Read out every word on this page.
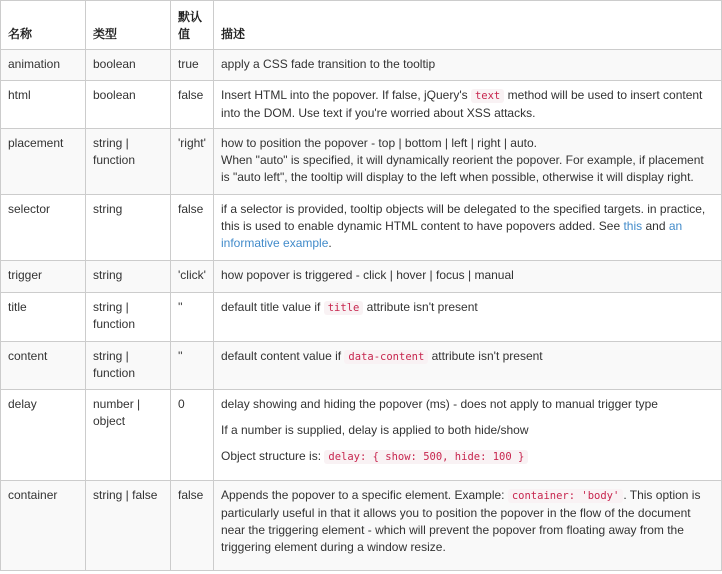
名称	类型	默认值	描述
animation	boolean	true	apply a CSS fade transition to the tooltip
html	boolean	false	Insert HTML into the popover. If false, jQuery's text method will be used to insert content into the DOM. Use text if you're worried about XSS attacks.
placement	string | function	'right'	how to position the popover - top | bottom | left | right | auto.
When "auto" is specified, it will dynamically reorient the popover. For example, if placement is "auto left", the tooltip will display to the left when possible, otherwise it will display right.
selector	string	false	if a selector is provided, tooltip objects will be delegated to the specified targets. in practice, this is used to enable dynamic HTML content to have popovers added. See this and an informative example.
trigger	string	'click'	how popover is triggered - click | hover | focus | manual
title	string | function	''	default title value if title attribute isn't present
content	string | function	''	default content value if data-content attribute isn't present
delay	number | object	0	delay showing and hiding the popover (ms) - does not apply to manual trigger type

If a number is supplied, delay is applied to both hide/show

Object structure is: delay: { show: 500, hide: 100 }

container	string | false	false	Appends the popover to a specific element. Example: container: 'body' . This option is particularly useful in that it allows you to position the popover in the flow of the document near the triggering element - which will prevent the popover from floating away from the triggering element during a window resize.
